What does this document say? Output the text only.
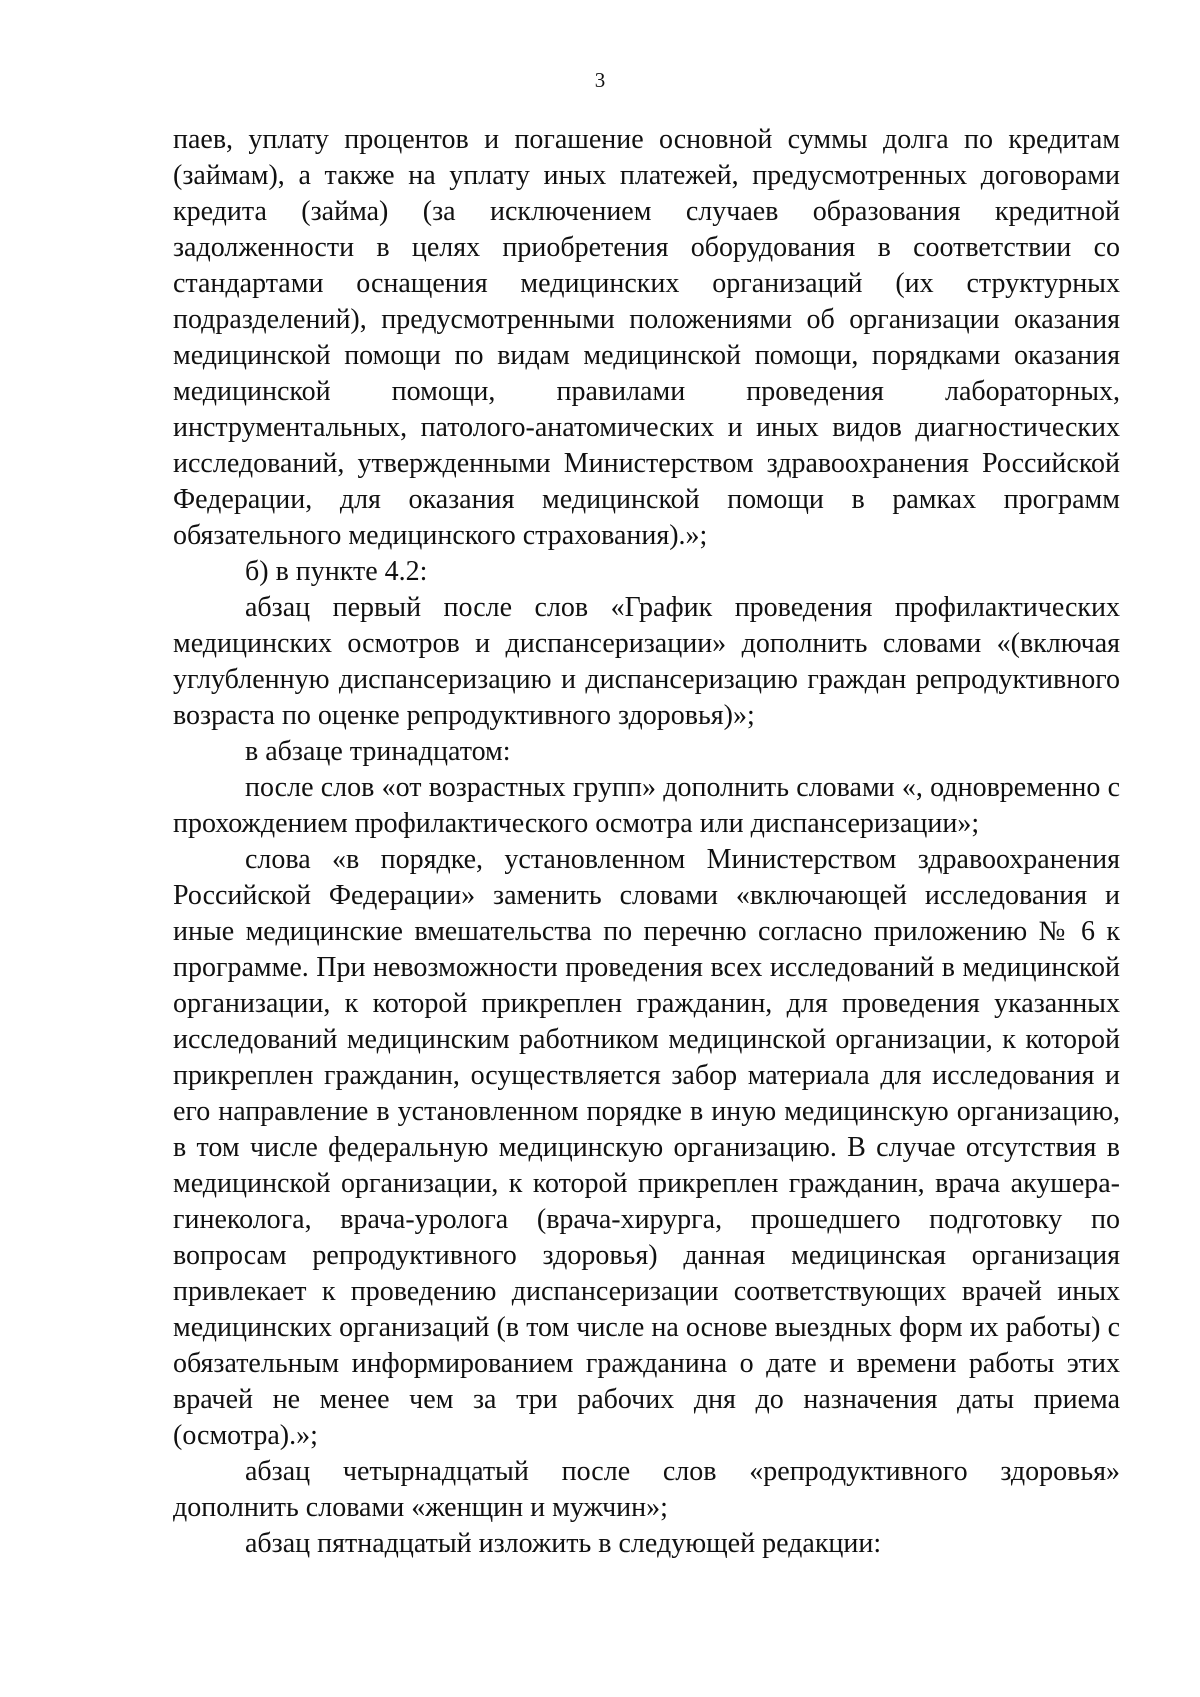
3

паев, уплату процентов и погашение основной суммы долга по кредитам (займам), а также на уплату иных платежей, предусмотренных договорами кредита (займа) (за исключением случаев образования кредитной задолженности в целях приобретения оборудования в соответствии со стандартами оснащения медицинских организаций (их структурных подразделений), предусмотренными положениями об организации оказания медицинской помощи по видам медицинской помощи, порядками оказания медицинской помощи, правилами проведения лабораторных, инструментальных, патолого-анатомических и иных видов диагностических исследований, утвержденными Министерством здравоохранения Российской Федерации, для оказания медицинской помощи в рамках программ обязательного медицинского страхования).»;

б) в пункте 4.2:

абзац первый после слов «График проведения профилактических медицинских осмотров и диспансеризации» дополнить словами «(включая углубленную диспансеризацию и диспансеризацию граждан репродуктивного возраста по оценке репродуктивного здоровья)»;

в абзаце тринадцатом:

после слов «от возрастных групп» дополнить словами «, одновременно с прохождением профилактического осмотра или диспансеризации»;

слова «в порядке, установленном Министерством здравоохранения Российской Федерации» заменить словами «включающей исследования и иные медицинские вмешательства по перечню согласно приложению № 6 к программе. При невозможности проведения всех исследований в медицинской организации, к которой прикреплен гражданин, для проведения указанных исследований медицинским работником медицинской организации, к которой прикреплен гражданин, осуществляется забор материала для исследования и его направление в установленном порядке в иную медицинскую организацию, в том числе федеральную медицинскую организацию. В случае отсутствия в медицинской организации, к которой прикреплен гражданин, врача акушера-гинеколога, врача-уролога (врача-хирурга, прошедшего подготовку по вопросам репродуктивного здоровья) данная медицинская организация привлекает к проведению диспансеризации соответствующих врачей иных медицинских организаций (в том числе на основе выездных форм их работы) с обязательным информированием гражданина о дате и времени работы этих врачей не менее чем за три рабочих дня до назначения даты приема (осмотра).»;

абзац четырнадцатый после слов «репродуктивного здоровья» дополнить словами «женщин и мужчин»;

абзац пятнадцатый изложить в следующей редакции:
